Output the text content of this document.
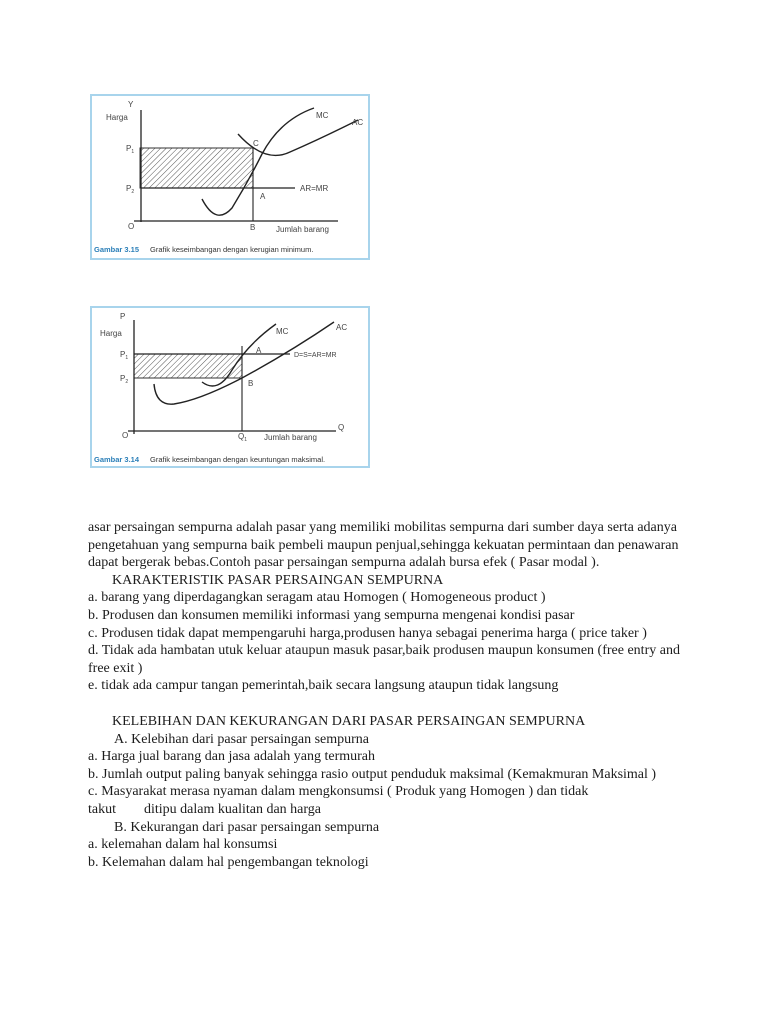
Y
Harga
$P_1$
$P_2$
O	B
C
A
MC
AC
AR=MR
Jumlah barang
Gambar 3.15 Grafik keseimbangan dengan kerugian minimum.
P
Harga
$P_1$
$P_2$
O	$Q_1$
Q
A
B
MC	AC
D=S=AR=MR
Jumlah barang
Gambar 3.14 Grafik keseimbangan dengan keuntungan maksimal.

asar persaingan sempurna adalah pasar yang memiliki mobilitas sempurna dari sumber daya serta adanya pengetahuan yang sempurna baik pembeli maupun penjual,sehingga kekuatan permintaan dan penawaran dapat bergerak bebas.Contoh pasar persaingan sempurna adalah bursa efek ( Pasar modal ).

KARAKTERISTIK PASAR PERSAINGAN SEMPURNA

a. barang yang diperdagangkan seragam atau Homogen ( Homogeneous product )

b. Produsen dan konsumen memiliki informasi yang sempurna mengenai kondisi pasar

c. Produsen tidak dapat mempengaruhi harga,produsen hanya sebagai penerima harga ( price taker )

d. Tidak ada hambatan utuk keluar ataupun masuk pasar,baik produsen maupun konsumen (free entry and free exit )

e. tidak ada campur tangan pemerintah,baik secara langsung ataupun tidak langsung

KELEBIHAN DAN KEKURANGAN DARI PASAR PERSAINGAN SEMPURNA

A. Kelebihan dari pasar persaingan sempurna

a. Harga jual barang dan jasa adalah yang termurah

b. Jumlah output paling banyak sehingga rasio output penduduk maksimal (Kemakmuran Maksimal )

c. Masyarakat merasa nyaman dalam mengkonsumsi ( Produk yang Homogen ) dan tidak

takut ditipu dalam kualitan dan harga

B. Kekurangan dari pasar persaingan sempurna

a. kelemahan dalam hal konsumsi

b. Kelemahan dalam hal pengembangan teknologi
